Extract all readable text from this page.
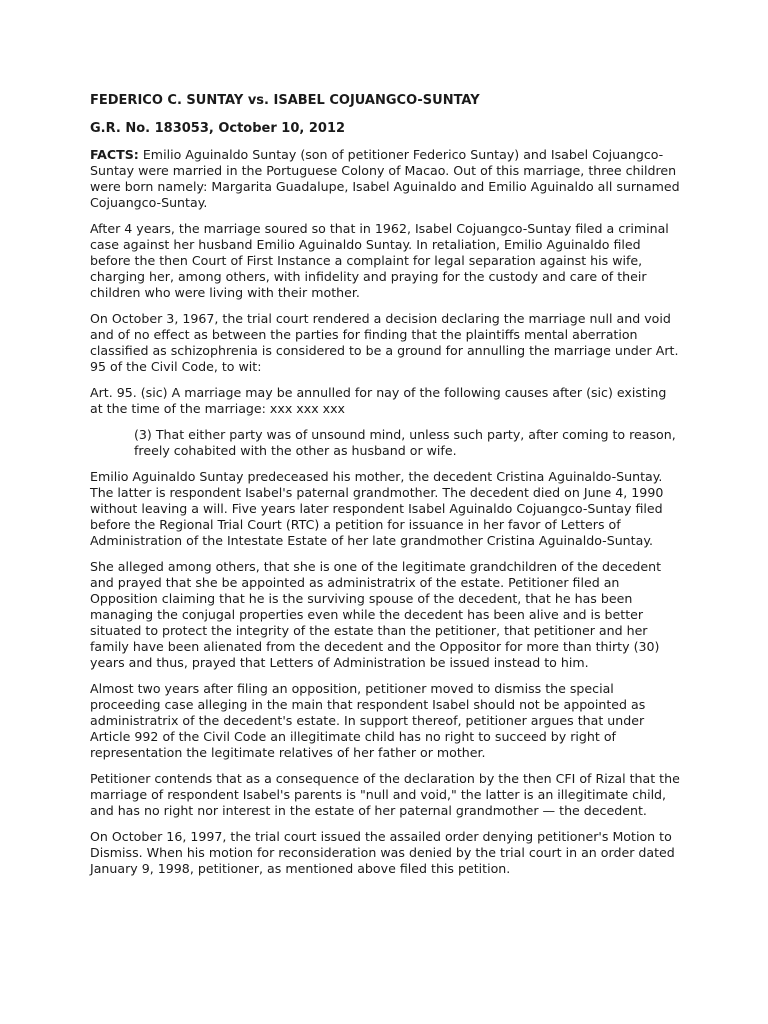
FEDERICO C. SUNTAY vs. ISABEL COJUANGCO-SUNTAY
G.R. No. 183053, October 10, 2012

FACTS: Emilio Aguinaldo Suntay (son of petitioner Federico Suntay) and Isabel Cojuangco-Suntay were married in the Portuguese Colony of Macao. Out of this marriage, three children were born namely: Margarita Guadalupe, Isabel Aguinaldo and Emilio Aguinaldo all surnamed Cojuangco-Suntay.

After 4 years, the marriage soured so that in 1962, Isabel Cojuangco-Suntay filed a criminal case against her husband Emilio Aguinaldo Suntay. In retaliation, Emilio Aguinaldo filed before the then Court of First Instance a complaint for legal separation against his wife, charging her, among others, with infidelity and praying for the custody and care of their children who were living with their mother.

On October 3, 1967, the trial court rendered a decision declaring the marriage null and void and of no effect as between the parties for finding that the plaintiffs mental aberration classified as schizophrenia is considered to be a ground for annulling the marriage under Art. 95 of the Civil Code, to wit:

Art. 95. (sic) A marriage may be annulled for nay of the following causes after (sic) existing at the time of the marriage: xxx xxx xxx

(3) That either party was of unsound mind, unless such party, after coming to reason, freely cohabited with the other as husband or wife.

Emilio Aguinaldo Suntay predeceased his mother, the decedent Cristina Aguinaldo-Suntay. The latter is respondent Isabel's paternal grandmother. The decedent died on June 4, 1990 without leaving a will. Five years later respondent Isabel Aguinaldo Cojuangco-Suntay filed before the Regional Trial Court (RTC) a petition for issuance in her favor of Letters of Administration of the Intestate Estate of her late grandmother Cristina Aguinaldo-Suntay.

She alleged among others, that she is one of the legitimate grandchildren of the decedent and prayed that she be appointed as administratrix of the estate. Petitioner filed an Opposition claiming that he is the surviving spouse of the decedent, that he has been managing the conjugal properties even while the decedent has been alive and is better situated to protect the integrity of the estate than the petitioner, that petitioner and her family have been alienated from the decedent and the Oppositor for more than thirty (30) years and thus, prayed that Letters of Administration be issued instead to him.

Almost two years after filing an opposition, petitioner moved to dismiss the special proceeding case alleging in the main that respondent Isabel should not be appointed as administratrix of the decedent's estate. In support thereof, petitioner argues that under Article 992 of the Civil Code an illegitimate child has no right to succeed by right of representation the legitimate relatives of her father or mother.

Petitioner contends that as a consequence of the declaration by the then CFI of Rizal that the marriage of respondent Isabel's parents is "null and void," the latter is an illegitimate child, and has no right nor interest in the estate of her paternal grandmother — the decedent.

On October 16, 1997, the trial court issued the assailed order denying petitioner's Motion to Dismiss. When his motion for reconsideration was denied by the trial court in an order dated January 9, 1998, petitioner, as mentioned above filed this petition.
